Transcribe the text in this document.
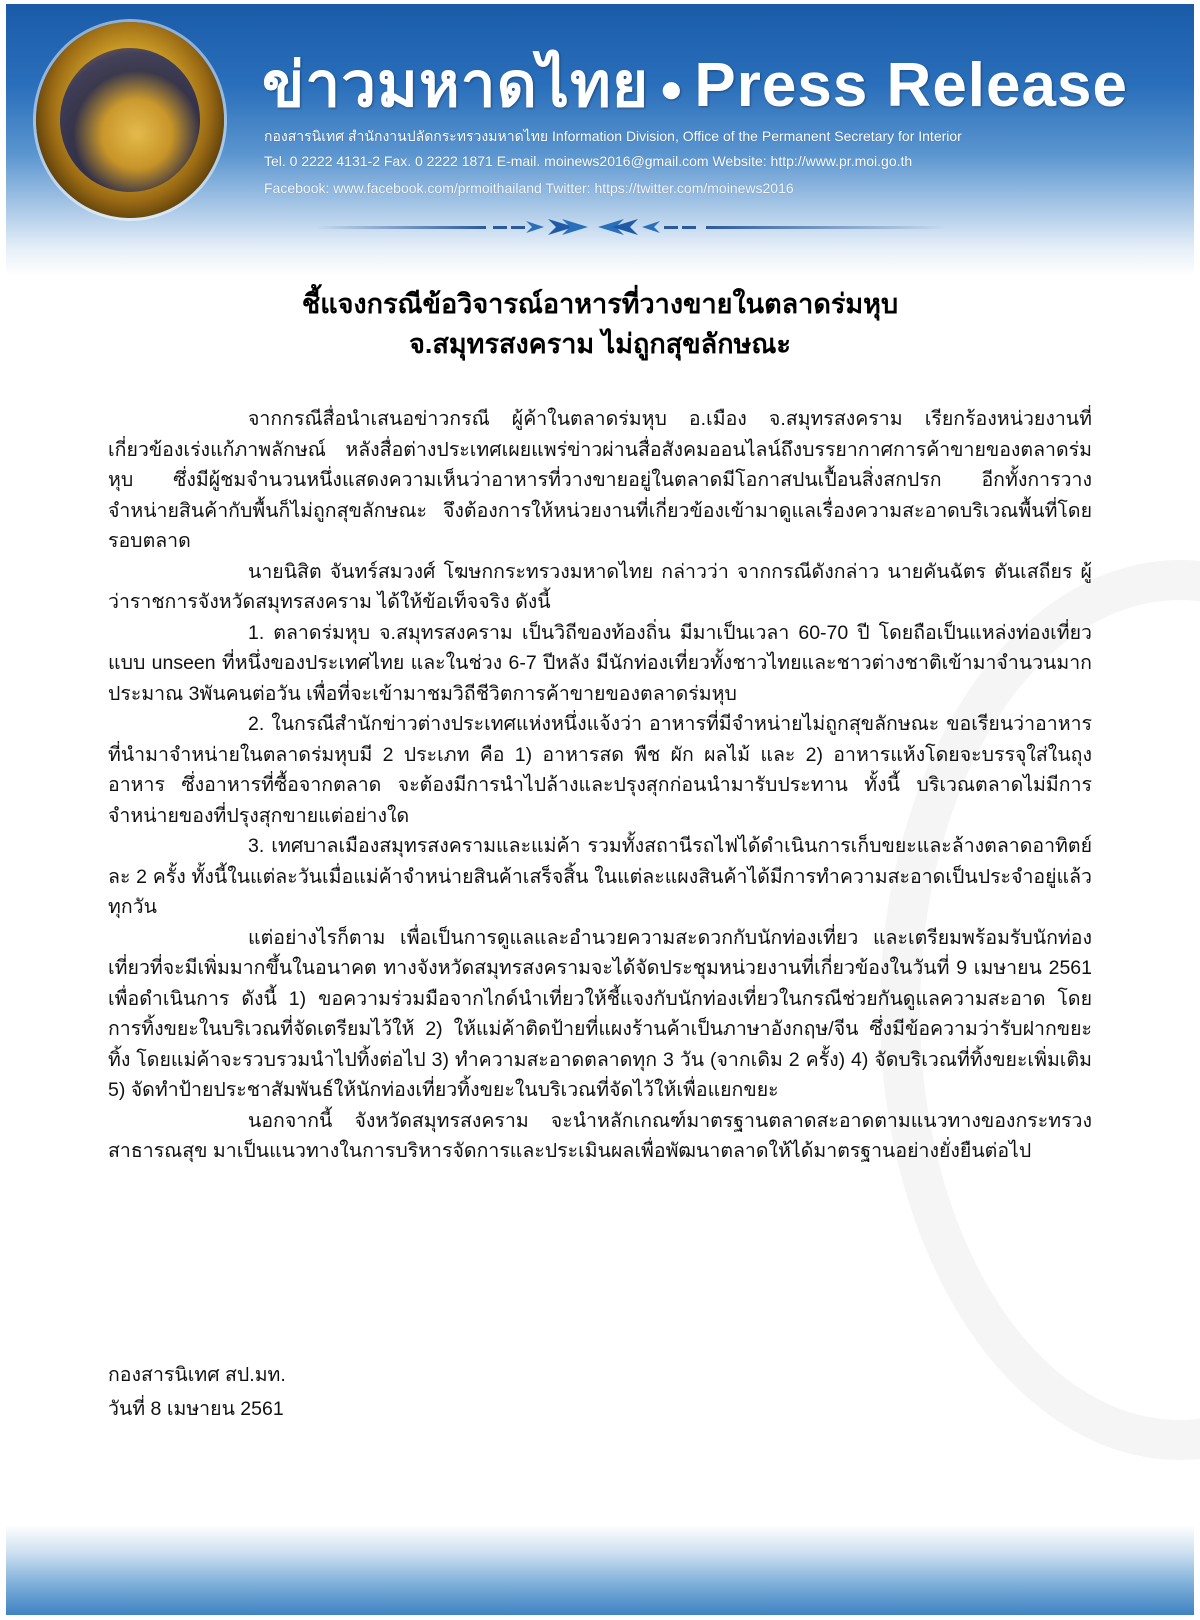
ข่าวมหาดไทย ● Press Release
กองสารนิเทศ สำนักงานปลัดกระทรวงมหาดไทย Information Division, Office of the Permanent Secretary for Interior
Tel. 0 2222 4131-2 Fax. 0 2222 1871 E-mail. moinews2016@gmail.com Website: http://www.pr.moi.go.th
Facebook: www.facebook.com/prmoithailand Twitter: https://twitter.com/moinews2016
ชี้แจงกรณีข้อวิจารณ์อาหารที่วางขายในตลาดร่มหุบ
จ.สมุทรสงคราม ไม่ถูกสุขลักษณะ

จากกรณีสื่อนำเสนอข่าวกรณี ผู้ค้าในตลาดร่มหุบ อ.เมือง จ.สมุทรสงคราม เรียกร้องหน่วยงานที่เกี่ยวข้องเร่งแก้ภาพลักษณ์ หลังสื่อต่างประเทศเผยแพร่ข่าวผ่านสื่อสังคมออนไลน์ถึงบรรยากาศการค้าขายของตลาดร่มหุบ ซึ่งมีผู้ชมจำนวนหนึ่งแสดงความเห็นว่าอาหารที่วางขายอยู่ในตลาดมีโอกาสปนเปื้อนสิ่งสกปรก อีกทั้งการวางจำหน่ายสินค้ากับพื้นก็ไม่ถูกสุขลักษณะ จึงต้องการให้หน่วยงานที่เกี่ยวข้องเข้ามาดูแลเรื่องความสะอาดบริเวณพื้นที่โดยรอบตลาด

นายนิสิต จันทร์สมวงศ์ โฆษกกระทรวงมหาดไทย กล่าวว่า จากกรณีดังกล่าว นายคันฉัตร ตันเสถียร ผู้ว่าราชการจังหวัดสมุทรสงคราม ได้ให้ข้อเท็จจริง ดังนี้

1. ตลาดร่มหุบ จ.สมุทรสงคราม เป็นวิถีของท้องถิ่น มีมาเป็นเวลา 60-70 ปี โดยถือเป็นแหล่งท่องเที่ยวแบบ unseen ที่หนึ่งของประเทศไทย และในช่วง 6-7 ปีหลัง มีนักท่องเที่ยวทั้งชาวไทยและชาวต่างชาติเข้ามาจำนวนมาก ประมาณ 3พันคนต่อวัน เพื่อที่จะเข้ามาชมวิถีชีวิตการค้าขายของตลาดร่มหุบ

2. ในกรณีสำนักข่าวต่างประเทศแห่งหนึ่งแจ้งว่า อาหารที่มีจำหน่ายไม่ถูกสุขลักษณะ ขอเรียนว่าอาหารที่นำมาจำหน่ายในตลาดร่มหุบมี 2 ประเภท คือ 1) อาหารสด พืช ผัก ผลไม้ และ 2) อาหารแห้งโดยจะบรรจุใส่ในถุงอาหาร ซึ่งอาหารที่ซื้อจากตลาด จะต้องมีการนำไปล้างและปรุงสุกก่อนนำมารับประทาน ทั้งนี้ บริเวณตลาดไม่มีการจำหน่ายของที่ปรุงสุกขายแต่อย่างใด

3. เทศบาลเมืองสมุทรสงครามและแม่ค้า รวมทั้งสถานีรถไฟได้ดำเนินการเก็บขยะและล้างตลาดอาทิตย์ละ 2 ครั้ง ทั้งนี้ในแต่ละวันเมื่อแม่ค้าจำหน่ายสินค้าเสร็จสิ้น ในแต่ละแผงสินค้าได้มีการทำความสะอาดเป็นประจำอยู่แล้วทุกวัน

แต่อย่างไรก็ตาม เพื่อเป็นการดูแลและอำนวยความสะดวกกับนักท่องเที่ยว และเตรียมพร้อมรับนักท่องเที่ยวที่จะมีเพิ่มมากขึ้นในอนาคต ทางจังหวัดสมุทรสงครามจะได้จัดประชุมหน่วยงานที่เกี่ยวข้องในวันที่ 9 เมษายน 2561 เพื่อดำเนินการ ดังนี้ 1) ขอความร่วมมือจากไกด์นำเที่ยวให้ชี้แจงกับนักท่องเที่ยวในกรณีช่วยกันดูแลความสะอาด โดยการทิ้งขยะในบริเวณที่จัดเตรียมไว้ให้ 2) ให้แม่ค้าติดป้ายที่แผงร้านค้าเป็นภาษาอังกฤษ/จีน ซึ่งมีข้อความว่ารับฝากขยะทิ้ง โดยแม่ค้าจะรวบรวมนำไปทิ้งต่อไป 3) ทำความสะอาดตลาดทุก 3 วัน (จากเดิม 2 ครั้ง) 4) จัดบริเวณที่ทิ้งขยะเพิ่มเติม 5) จัดทำป้ายประชาสัมพันธ์ให้นักท่องเที่ยวทิ้งขยะในบริเวณที่จัดไว้ให้เพื่อแยกขยะ

นอกจากนี้ จังหวัดสมุทรสงคราม จะนำหลักเกณฑ์มาตรฐานตลาดสะอาดตามแนวทางของกระทรวงสาธารณสุข มาเป็นแนวทางในการบริหารจัดการและประเมินผลเพื่อพัฒนาตลาดให้ได้มาตรฐานอย่างยั่งยืนต่อไป

กองสารนิเทศ สป.มท.
วันที่ 8 เมษายน 2561
